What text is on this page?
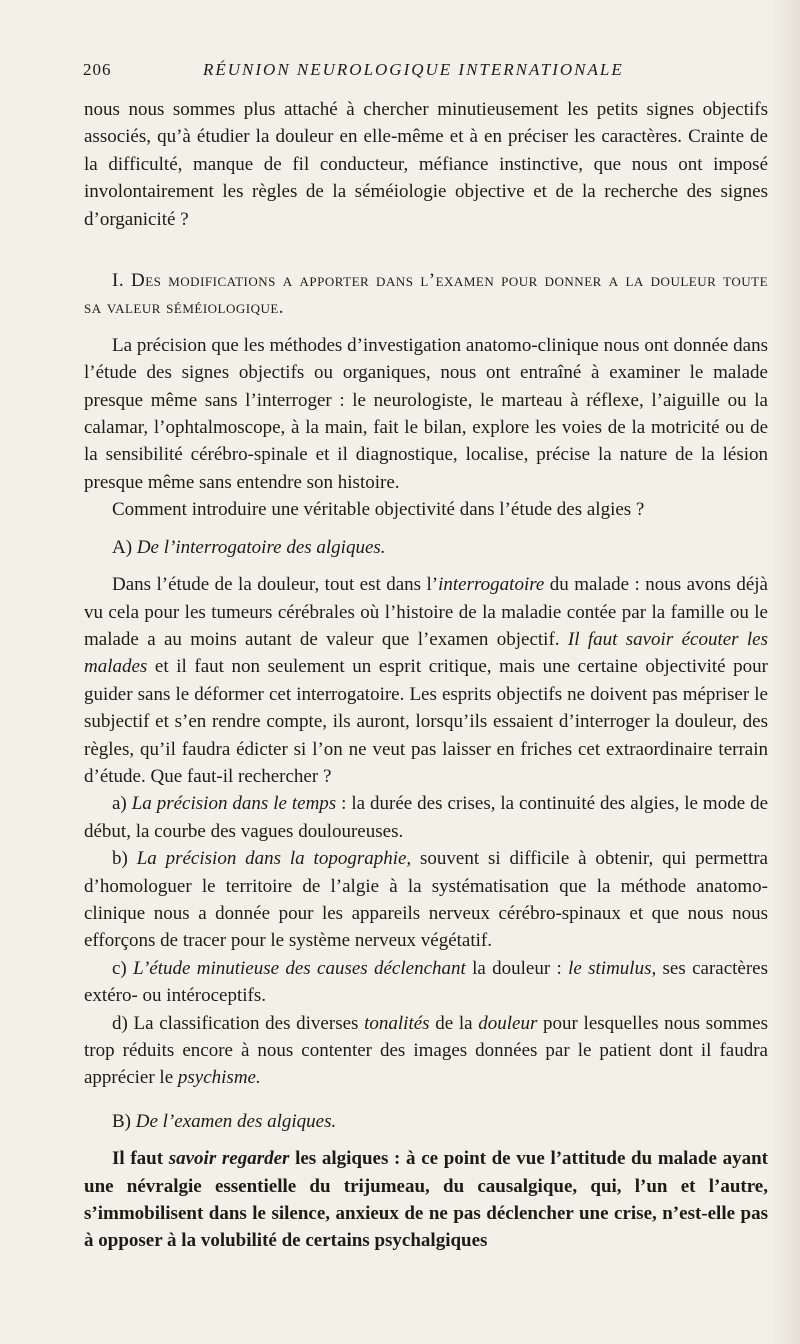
206	RÉUNION NEUROLOGIQUE INTERNATIONALE

nous nous sommes plus attaché à chercher minutieusement les petits signes objectifs associés, qu’à étudier la douleur en elle-même et à en préciser les caractères. Crainte de la difficulté, manque de fil conducteur, méfiance instinctive, que nous ont imposé involontairement les règles de la séméiologie objective et de la recherche des signes d’organicité ?

I. Des modifications a apporter dans l’examen pour donner a la douleur toute sa valeur séméiologique.

La précision que les méthodes d’investigation anatomo-clinique nous ont donnée dans l’étude des signes objectifs ou organiques, nous ont entraîné à examiner le malade presque même sans l’interroger : le neurologiste, le marteau à réflexe, l’aiguille ou la calamar, l’ophtalmoscope, à la main, fait le bilan, explore les voies de la motricité ou de la sensibilité cérébro-spinale et il diagnostique, localise, précise la nature de la lésion presque même sans entendre son histoire.

Comment introduire une véritable objectivité dans l’étude des algies ?

A) De l’interrogatoire des algiques.

Dans l’étude de la douleur, tout est dans l’interrogatoire du malade : nous avons déjà vu cela pour les tumeurs cérébrales où l’histoire de la maladie contée par la famille ou le malade a au moins autant de valeur que l’examen objectif. Il faut savoir écouter les malades et il faut non seulement un esprit critique, mais une certaine objectivité pour guider sans le déformer cet interrogatoire. Les esprits objectifs ne doivent pas mépriser le subjectif et s’en rendre compte, ils auront, lorsqu’ils essaient d’interroger la douleur, des règles, qu’il faudra édicter si l’on ne veut pas laisser en friches cet extraordinaire terrain d’étude. Que faut-il rechercher ?

a) La précision dans le temps : la durée des crises, la continuité des algies, le mode de début, la courbe des vagues douloureuses.

b) La précision dans la topographie, souvent si difficile à obtenir, qui permettra d’homologuer le territoire de l’algie à la systématisation que la méthode anatomo-clinique nous a donnée pour les appareils nerveux cérébro-spinaux et que nous nous efforçons de tracer pour le système nerveux végétatif.

c) L’étude minutieuse des causes déclenchant la douleur : le stimulus, ses caractères extéro- ou intéroceptifs.

d) La classification des diverses tonalités de la douleur pour lesquelles nous sommes trop réduits encore à nous contenter des images données par le patient dont il faudra apprécier le psychisme.

B) De l’examen des algiques.

Il faut savoir regarder les algiques : à ce point de vue l’attitude du malade ayant une névralgie essentielle du trijumeau, du causalgique, qui, l’un et l’autre, s’immobilisent dans le silence, anxieux de ne pas déclencher une crise, n’est-elle pas à opposer à la volubilité de certains psychalgiques
